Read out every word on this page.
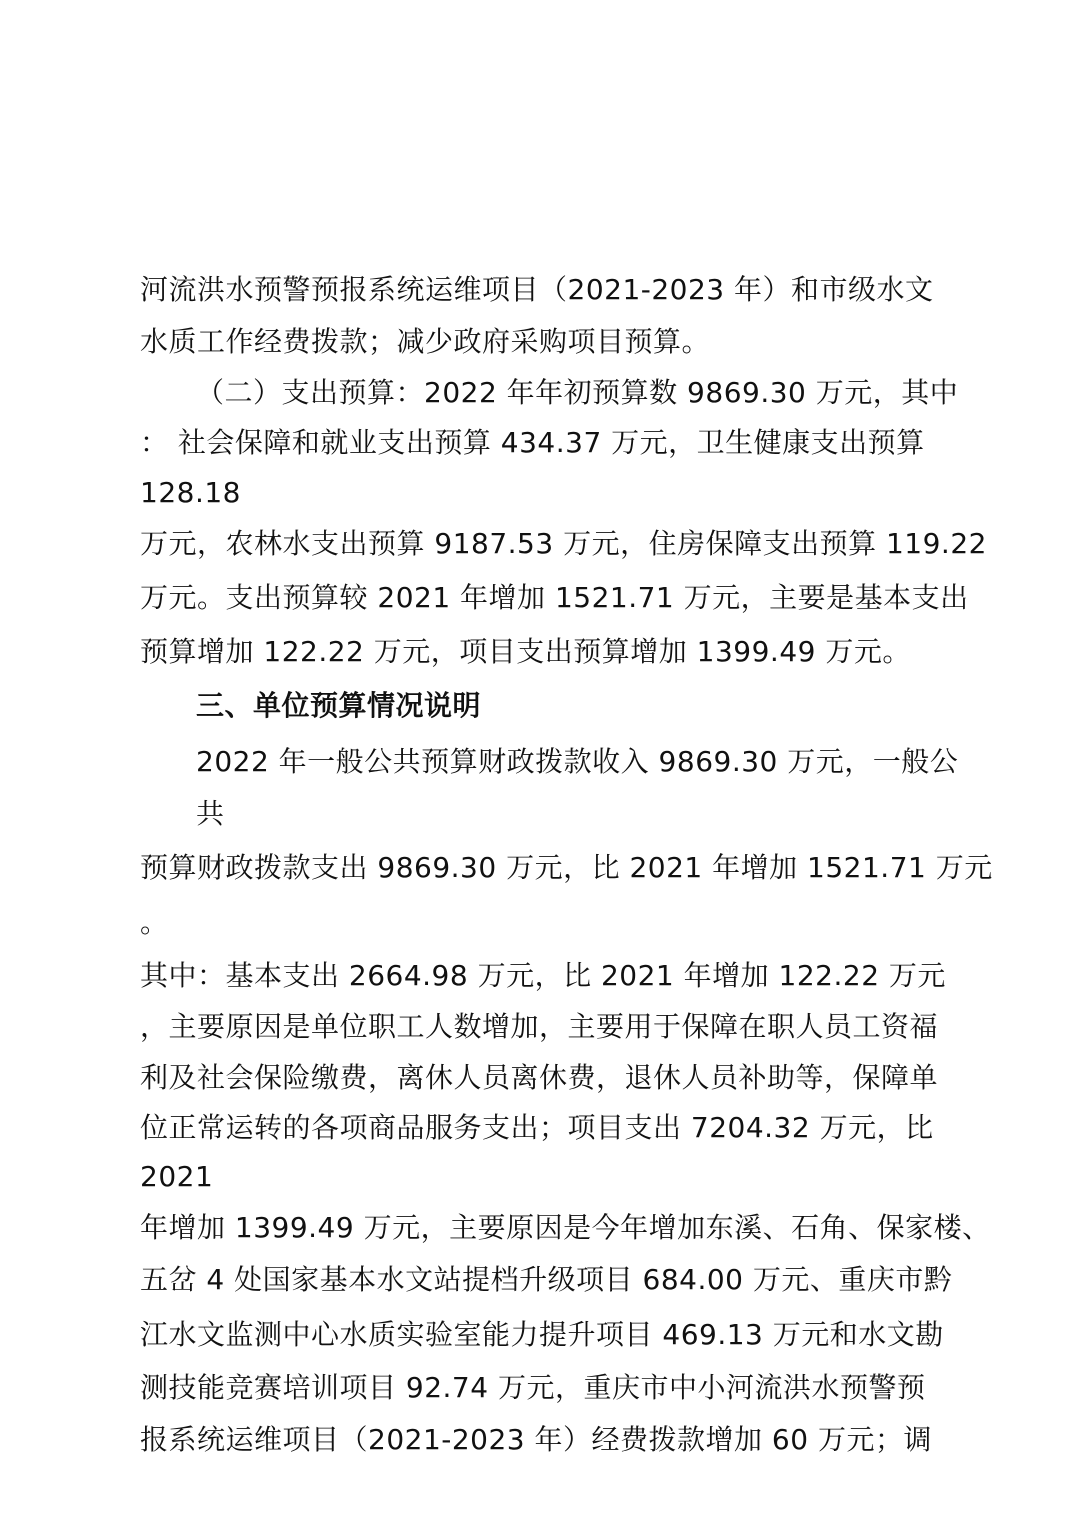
河流洪水预警预报系统运维项目（2021-2023 年）和市级水文
水质工作经费拨款；减少政府采购项目预算。
（二）支出预算：2022 年年初预算数 9869.30 万元，其中
： 社会保障和就业支出预算 434.37 万元，卫生健康支出预算
128.18
万元，农林水支出预算 9187.53 万元，住房保障支出预算 119.22
万元。支出预算较 2021 年增加 1521.71 万元，主要是基本支出
预算增加 122.22 万元，项目支出预算增加 1399.49 万元。
三、单位预算情况说明
2022 年一般公共预算财政拨款收入 9869.30 万元，一般公
共
预算财政拨款支出 9869.30 万元，比 2021 年增加 1521.71 万元
。
其中：基本支出 2664.98 万元，比 2021 年增加 122.22 万元
，主要原因是单位职工人数增加，主要用于保障在职人员工资福
利及社会保险缴费，离休人员离休费，退休人员补助等，保障单
位正常运转的各项商品服务支出；项目支出 7204.32 万元，比
2021
年增加 1399.49 万元，主要原因是今年增加东溪、石角、保家楼、
五岔 4 处国家基本水文站提档升级项目 684.00 万元、重庆市黔
江水文监测中心水质实验室能力提升项目 469.13 万元和水文勘
测技能竞赛培训项目 92.74 万元，重庆市中小河流洪水预警预
报系统运维项目（2021-2023 年）经费拨款增加 60 万元；调
